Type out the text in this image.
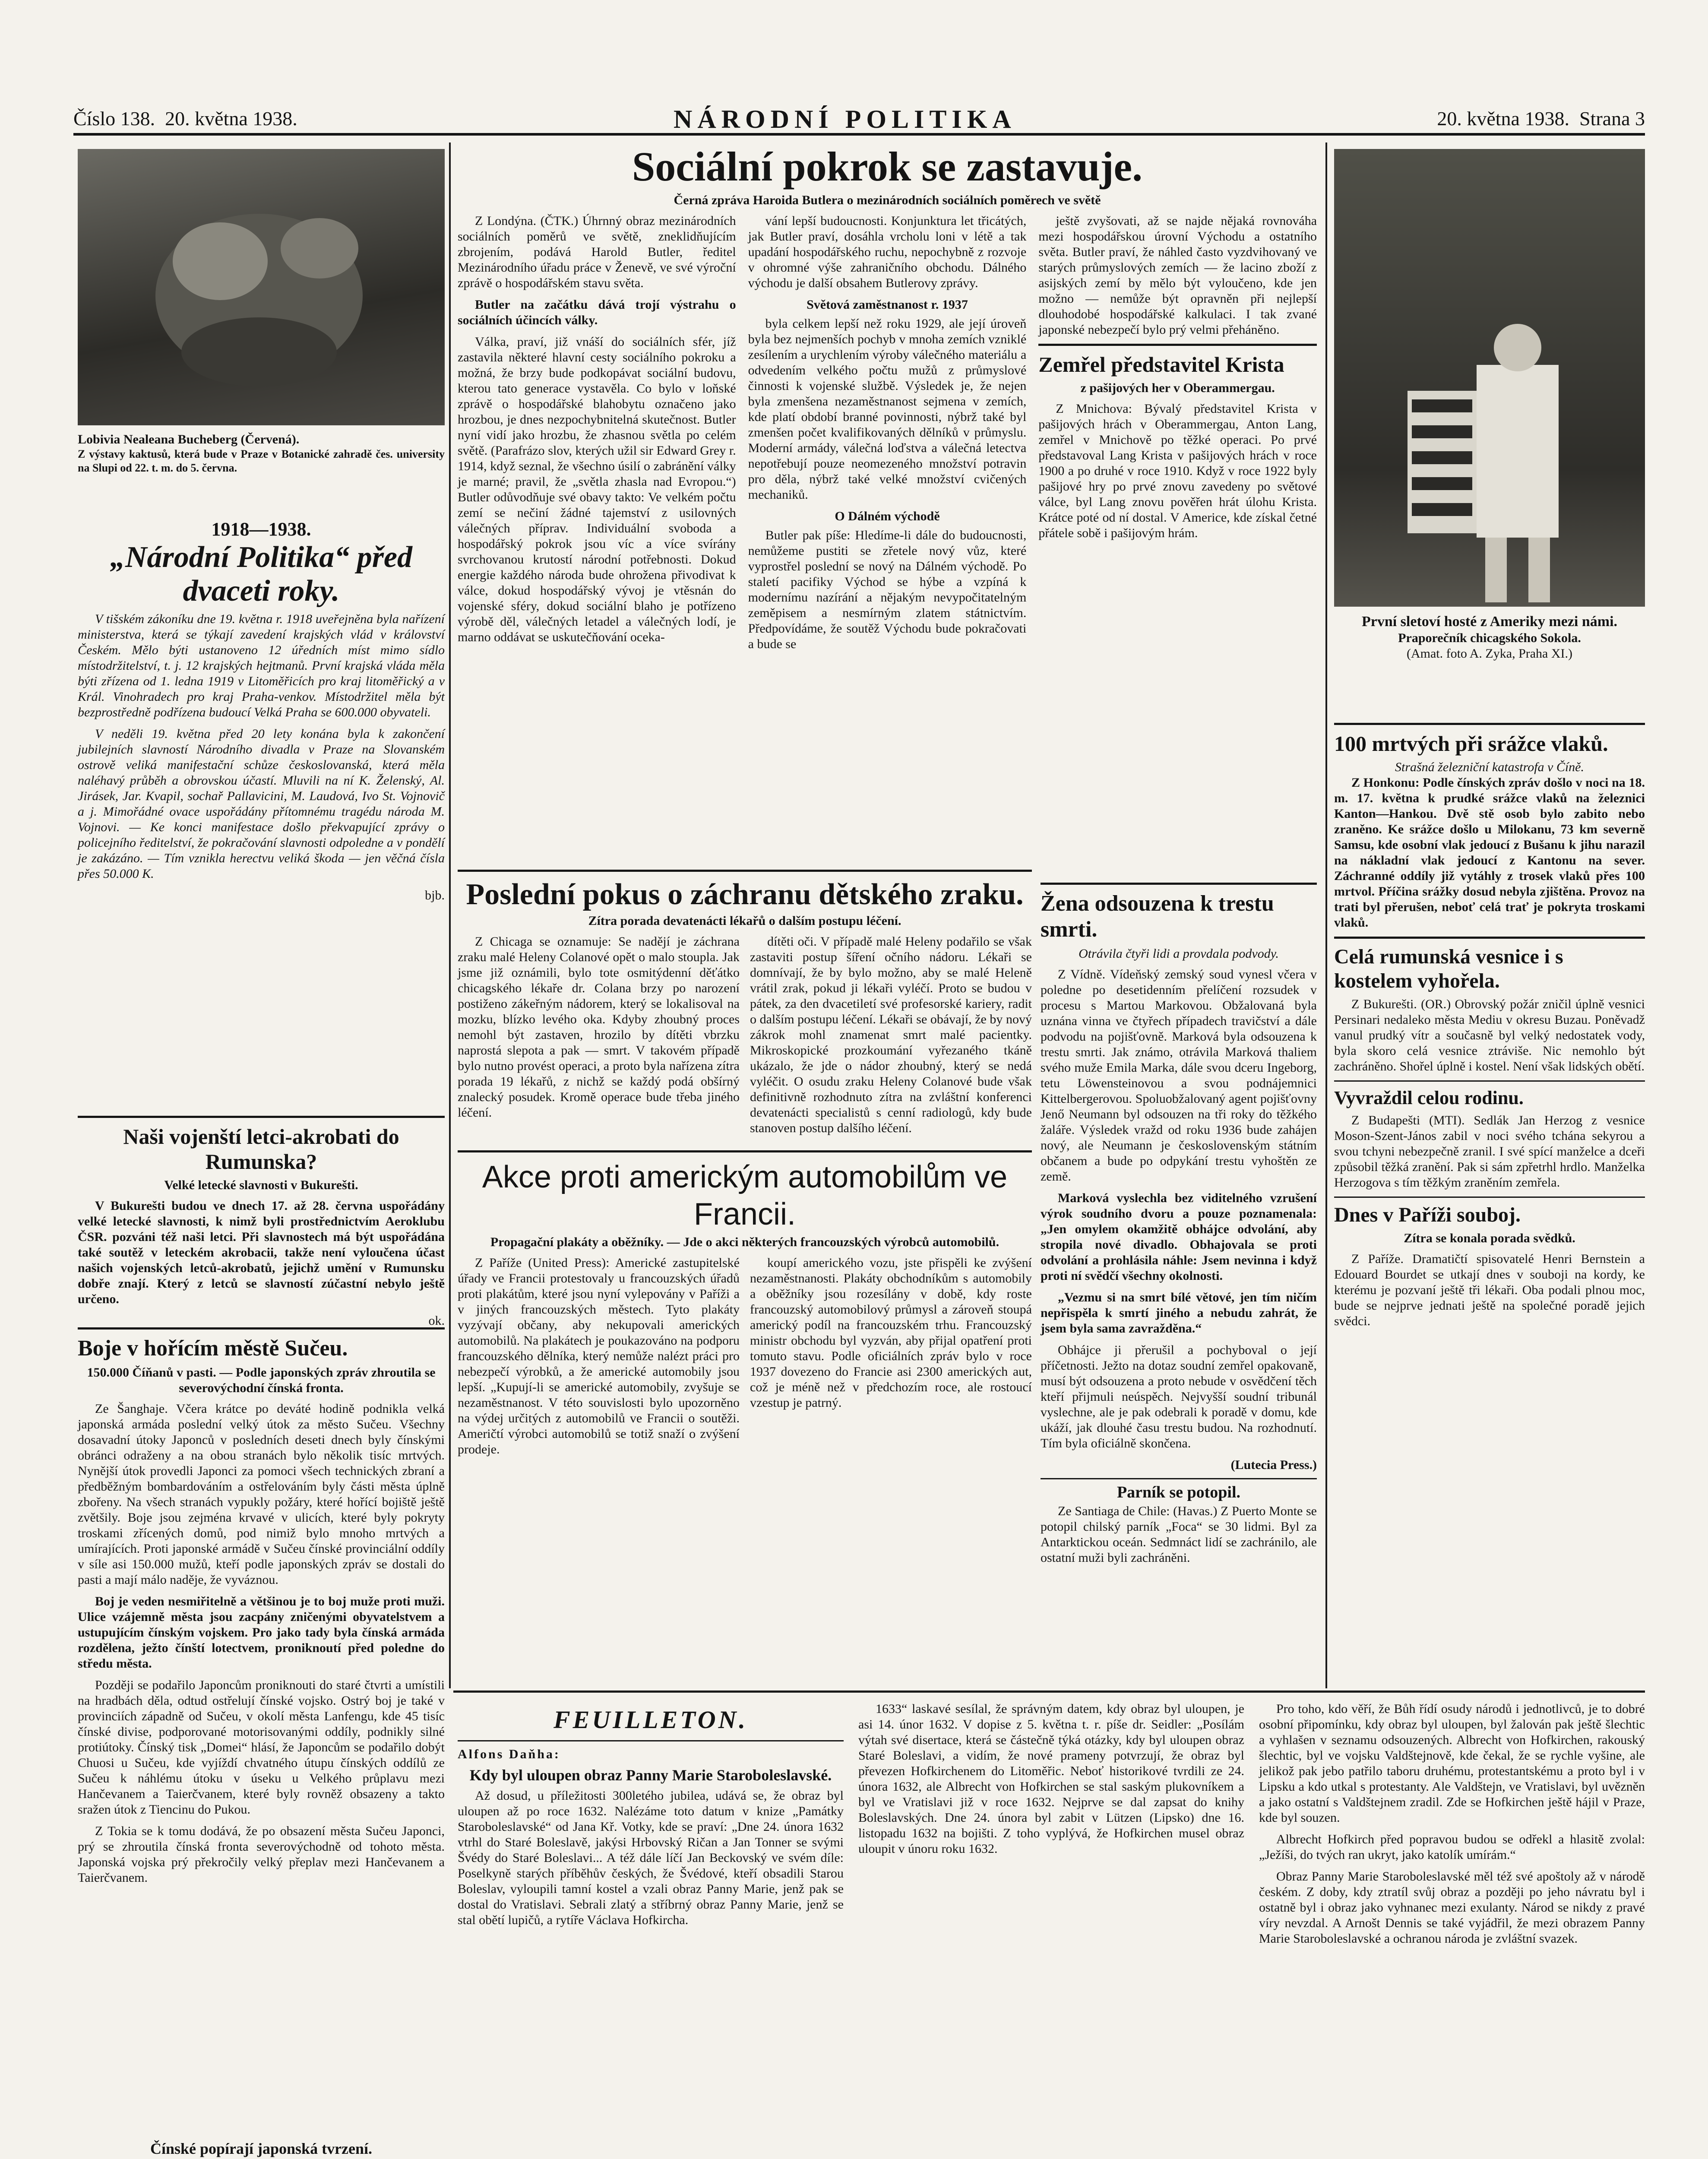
Číslo 138. 20. května 1938.	NÁRODNÍ POLITIKA	20. května 1938. Strana 3
Lobivia Nealeana Bucheberg (Červená).
Z výstavy kaktusů, která bude v Praze v Botanické zahradě čes. university na Slupi od 22. t. m. do 5. června.
1918—1938.
„Národní Politika“ před dvaceti roky.

V tišském zákoníku dne 19. května r. 1918 uveřejněna byla nařízení ministerstva, která se týkají zavedení krajských vlád v království Českém. Mělo býti ustanoveno 12 úředních míst mimo sídlo místodržitelství, t. j. 12 krajských hejtmanů. První krajská vláda měla býti zřízena od 1. ledna 1919 v Litoměřicích pro kraj litoměřický a v Král. Vinohradech pro kraj Praha-venkov. Místodržitel měla být bezprostředně podřízena budoucí Velká Praha se 600.000 obyvateli.

V neděli 19. května před 20 lety konána byla k zakončení jubilejních slavností Národního divadla v Praze na Slovanském ostrově veliká manifestační schůze českoslovanská, která měla naléhavý průběh a obrovskou účastí. Mluvili na ní K. Želenský, Al. Jirásek, Jar. Kvapil, sochař Pallavicini, M. Laudová, Ivo St. Vojnovič a j. Mimořádné ovace uspořádány přítomnému tragédu národa M. Vojnovi. — Ke konci manifestace došlo překvapující zprávy o policejního ředitelství, že pokračování slavnosti odpoledne a v pondělí je zakázáno. — Tím vznikla herectvu veliká škoda — jen věčná čísla přes 50.000 K.

bjb.
Naši vojenští letci-akrobati do Rumunska?
Velké letecké slavnosti v Bukurešti.

V Bukurešti budou ve dnech 17. až 28. června uspořádány velké letecké slavnosti, k nimž byli prostřednictvím Aeroklubu ČSR. pozváni též naši letci. Při slavnostech má být uspořádána také soutěž v leteckém akrobacii, takže není vyloučena účast našich vojenských letců-akrobatů, jejichž umění v Rumunsku dobře znají. Který z letců se slavností zúčastní nebylo ještě určeno.

ok.
Boje v hořícím městě Sučeu.
150.000 Číňanů v pasti. — Podle japonských zpráv zhroutila se severovýchodní čínská fronta.

Ze Šanghaje. Včera krátce po deváté hodině podnikla velká japonská armáda poslední velký útok za město Sučeu. Všechny dosavadní útoky Japonců v posledních deseti dnech byly čínskými obránci odraženy a na obou stranách bylo několik tisíc mrtvých. Nynější útok provedli Japonci za pomoci všech technických zbraní a předběžným bombardováním a ostřelováním byly části města úplně zbořeny. Na všech stranách vypukly požáry, které hořící bojiště ještě zvětšily. Boje jsou zejména krvavé v ulicích, které byly pokryty troskami zřícených domů, pod nimiž bylo mnoho mrtvých a umírajících. Proti japonské armádě v Sučeu čínské provinciální oddíly v síle asi 150.000 mužů, kteří podle japonských zpráv se dostali do pasti a mají málo naděje, že vyváznou.

Boj je veden nesmiřitelně a většinou je to boj muže proti muži. Ulice vzájemně města jsou zacpány zničenými obyvatelstvem a ustupujícím čínským vojskem. Pro jako tady byla čínská armáda rozdělena, ježto čínští lotectvem, proniknoutí před poledne do středu města.

Později se podařilo Japoncům proniknouti do staré čtvrti a umístili na hradbách děla, odtud ostřelují čínské vojsko. Ostrý boj je také v provinciích západně od Sučeu, v okolí města Lanfengu, kde 45 tisíc čínské divise, podporované motorisovanými oddíly, podnikly silné protiútoky. Čínský tisk „Domei“ hlásí, že Japoncům se podařilo dobýt Chuosi u Sučeu, kde vyjíždí chvatného útupu čínských oddílů ze Sučeu k náhlému útoku v úseku u Velkého průplavu mezi Hančevanem a Taierčvanem, které byly rovněž obsazeny a takto sražen útok z Tiencinu do Pukou.

Z Tokia se k tomu dodává, že po obsazení města Sučeu Japonci, prý se zhroutila čínská fronta severovýchodně od tohoto města. Japonská vojska prý překročily velký přeplav mezi Hančevanem a Taierčvanem.

Čínské popírají japonská tvrzení.

Sociální pokrok se zastavuje.
Černá zpráva Haroida Butlera o mezinárodních sociálních poměrech ve světě

Z Londýna. (ČTK.) Úhrnný obraz mezinárodních sociálních poměrů ve světě, zneklidňujícím zbrojením, podává Harold Butler, ředitel Mezinárodního úřadu práce v Ženevě, ve své výroční zprávě o hospodářském stavu světa.

Butler na začátku dává trojí výstrahu o sociálních účincích války.

Válka, praví, již vnáší do sociálních sfér, jíž zastavila některé hlavní cesty sociálního pokroku a možná, že brzy bude podkopávat sociální budovu, kterou tato generace vystavěla. Co bylo v loňské zprávě o hospodářské blahobytu označeno jako hrozbou, je dnes nezpochybnitelná skutečnost. Butler nyní vidí jako hrozbu, že zhasnou světla po celém světě. (Parafrázo slov, kterých užil sir Edward Grey r. 1914, když seznal, že všechno úsilí o zabránění války je marné; pravil, že „světla zhasla nad Evropou.“) Butler odůvodňuje své obavy takto: Ve velkém počtu zemí se nečiní žádné tajemství z usilovných válečných příprav. Individuální svoboda a hospodářský pokrok jsou víc a více svírány svrchovanou krutostí národní potřebnosti. Dokud energie každého národa bude ohrožena přivodivat k válce, dokud hospodářský vývoj je vtěsnán do vojenské sféry, dokud sociální blaho je potřízeno výrobě děl, válečných letadel a válečných lodí, je marno oddávat se uskutečňování oceka-

vání lepší budoucnosti. Konjunktura let třicátých, jak Butler praví, dosáhla vrcholu loni v létě a tak upadání hospodářského ruchu, nepochybně z rozvoje v ohromné výše zahraničního obchodu. Dálného východu je další obsahem Butlerovy zprávy.

Světová zaměstnanost r. 1937

byla celkem lepší než roku 1929, ale její úroveň byla bez nejmenších pochyb v mnoha zemích vzniklé zesílením a urychlením výroby válečného materiálu a odvedením velkého počtu mužů z průmyslové činnosti k vojenské službě. Výsledek je, že nejen byla zmenšena nezaměstnanost sejmena v zemích, kde platí období branné povinnosti, nýbrž také byl zmenšen počet kvalifikovaných dělníků v průmyslu. Moderní armády, válečná loďstva a válečná letectva nepotřebují pouze neomezeného množství potravin pro děla, nýbrž také velké množství cvičených mechaniků.

O Dálném východě

Butler pak píše: Hledíme-li dále do budoucnosti, nemůžeme pustiti se zřetele nový vůz, které vyprostřel poslední se nový na Dálném východě. Po staletí pacifiky Východ se hýbe a vzpíná k modernímu nazírání a nějakým nevypočitatelným zeměpisem a nesmírným zlatem státnictvím. Předpovídáme, že soutěž Východu bude pokračovati a bude se

ještě zvyšovati, až se najde nějaká rovnováha mezi hospodářskou úrovní Východu a ostatního světa. Butler praví, že náhled často vyzdvihovaný ve starých průmyslových zemích — že lacino zboží z asijských zemí by mělo být vyloučeno, kde jen možno — nemůže být opravněn při nejlepší dlouhodobé hospodářské kalkulaci. I tak zvané japonské nebezpečí bylo prý velmi přeháněno.

Zemřel představitel Krista
z pašijových her v Oberammergau.

Z Mnichova: Bývalý představitel Krista v pašijových hrách v Oberammergau, Anton Lang, zemřel v Mnichově po těžké operaci. Po prvé představoval Lang Krista v pašijových hrách v roce 1900 a po druhé v roce 1910. Když v roce 1922 byly pašijové hry po prvé znovu zavedeny po světové válce, byl Lang znovu pověřen hrát úlohu Krista. Krátce poté od ní dostal. V Americe, kde získal četné přátele sobě i pašijovým hrám.

Poslední pokus o záchranu dětského zraku.
Zítra porada devatenácti lékařů o dalším postupu léčení.

Z Chicaga se oznamuje: Se nadějí je záchrana zraku malé Heleny Colanové opět o malo stoupla. Jak jsme již oznámili, bylo tote osmitýdenní děťátko chicagského lékaře dr. Colana brzy po narození postiženo zákeřným nádorem, který se lokalisoval na mozku, blízko levého oka. Kdyby zhoubný proces nemohl být zastaven, hrozilo by dítěti vbrzku naprostá slepota a pak — smrt. V takovém případě bylo nutno provést operaci, a proto byla nařízena zítra porada 19 lékařů, z nichž se každý podá obšírný znalecký posudek. Kromě operace bude třeba jiného léčení.

dítěti oči. V případě malé Heleny podařilo se však zastaviti postup šíření očního nádoru. Lékaři se domnívají, že by bylo možno, aby se malé Heleně vrátil zrak, pokud ji lékaři vyléčí. Proto se budou v pátek, za den dvacetiletí své profesorské kariery, radit o dalším postupu léčení. Lékaři se obávají, že by nový zákrok mohl znamenat smrt malé pacientky. Mikroskopické prozkoumání vyřezaného tkáně ukázalo, že jde o nádor zhoubný, který se nedá vyléčit. O osudu zraku Heleny Colanové bude však definitivně rozhodnuto zítra na zvláštní konferenci devatenácti specialistů s cenní radiologů, kdy bude stanoven postup dalšího léčení.

Akce proti americkým automobilům ve Francii.
Propagační plakáty a oběžníky. — Jde o akci některých francouzských výrobců automobilů.

Z Paříže (United Press): Americké zastupitelské úřady ve Francii protestovaly u francouzských úřadů proti plakátům, které jsou nyní vylepovány v Paříži a v jiných francouzských městech. Tyto plakáty vyzývají občany, aby nekupovali amerických automobilů. Na plakátech je poukazováno na podporu francouzského dělníka, který nemůže nalézt práci pro nebezpečí výrobků, a že americké automobily jsou lepší. „Kupují-li se americké automobily, zvyšuje se nezaměstnanost. V této souvislosti bylo upozorněno na výdej určitých z automobilů ve Francii o soutěži. Američtí výrobci automobilů se totiž snaží o zvýšení prodeje.

koupí amerického vozu, jste přispěli ke zvýšení nezaměstnanosti. Plakáty obchodníkům s automobily a oběžníky jsou rozesílány v době, kdy roste francouzský automobilový průmysl a zároveň stoupá americký podíl na francouzském trhu. Francouzský ministr obchodu byl vyzván, aby přijal opatření proti tomuto stavu. Podle oficiálních zpráv bylo v roce 1937 dovezeno do Francie asi 2300 amerických aut, což je méně než v předchozím roce, ale rostoucí vzestup je patrný.

Žena odsouzena k trestu smrti.
Otrávila čtyři lidi a provdala podvody.

Z Vídně. Vídeňský zemský soud vynesl včera v poledne po desetidenním přelíčení rozsudek v procesu s Martou Markovou. Obžalovaná byla uznána vinna ve čtyřech případech travičství a dále podvodu na pojišťovně. Marková byla odsouzena k trestu smrti. Jak známo, otrávila Marková thaliem svého muže Emila Marka, dále svou dceru Ingeborg, tetu Löwensteinovou a svou podnájemnici Kittelbergerovou. Spoluobžalovaný agent pojišťovny Jenő Neumann byl odsouzen na tři roky do těžkého žaláře. Výsledek vražd od roku 1936 bude zahájen nový, ale Neumann je československým státním občanem a bude po odpykání trestu vyhoštěn ze země.

Marková vyslechla bez viditelného vzrušení výrok soudního dvoru a pouze poznamenala: „Jen omylem okamžitě obhájce odvolání, aby stropila nové divadlo. Obhajovala se proti odvolání a prohlásila náhle: Jsem nevinna i když proti ní svědčí všechny okolnosti.

„Vezmu si na smrt bílé větové, jen tím ničím nepřispěla k smrtí jiného a nebudu zahrát, že jsem byla sama zavražděna.“

Obhájce ji přerušil a pochyboval o její příčetnosti. Ježto na dotaz soudní zemřel opakovaně, musí být odsouzena a proto nebude v osvědčení těch kteří přijmuli neúspěch. Nejvyšší soudní tribunál vyslechne, ale je pak odebrali k poradě v domu, kde ukáží, jak dlouhé času trestu budou. Na rozhodnutí. Tím byla oficiálně skončena.

(Lutecia Press.)
Parník se potopil.

Ze Santiaga de Chile: (Havas.) Z Puerto Monte se potopil chilský parník „Foca“ se 30 lidmi. Byl za Antarktickou oceán. Sedmnáct lidí se zachránilo, ale ostatní muži byli zachráněni.

První sletoví hosté z Ameriky mezi námi.
Praporečník chicagského Sokola.
(Amat. foto A. Zyka, Praha XI.)
100 mrtvých při srážce vlaků.
Strašná železniční katastrofa v Číně.

Z Honkonu: Podle čínských zpráv došlo v noci na 18. m. 17. května k prudké srážce vlaků na železnici Kanton—Hankou. Dvě stě osob bylo zabito nebo zraněno. Ke srážce došlo u Milokanu, 73 km severně Samsu, kde osobní vlak jedoucí z Bušanu k jihu narazil na nákladní vlak jedoucí z Kantonu na sever. Záchranné oddíly již vytáhly z trosek vlaků přes 100 mrtvol. Příčina srážky dosud nebyla zjištěna. Provoz na trati byl přerušen, neboť celá trať je pokryta troskami vlaků.

Celá rumunská vesnice i s kostelem vyhořela.

Z Bukurešti. (OR.) Obrovský požár zničil úplně vesnici Persinari nedaleko města Mediu v okresu Buzau. Poněvadž vanul prudký vítr a současně byl velký nedostatek vody, byla skoro celá vesnice ztráviše. Nic nemohlo být zachráněno. Shořel úplně i kostel. Není však lidských obětí.

Vyvraždil celou rodinu.

Z Budapešti (MTI). Sedlák Jan Herzog z vesnice Moson-Szent-János zabil v noci svého tchána sekyrou a svou tchyni nebezpečně zranil. I své spící manželce a dceři způsobil těžká zranění. Pak si sám zpřetrhl hrdlo. Manželka Herzogova s tím těžkým zraněním zemřela.

Dnes v Paříži souboj.
Zítra se konala porada svědků.

Z Paříže. Dramatičtí spisovatelé Henri Bernstein a Edouard Bourdet se utkají dnes v souboji na kordy, ke kterému je pozvaní ještě tři lékaři. Oba podali plnou moc, bude se nejprve jednati ještě na společné poradě jejich svědci.

FEUILLETON.
Alfons Daňha:
Kdy byl uloupen obraz Panny Marie Staroboleslavské.

Až dosud, u příležitosti 300letého jubilea, udává se, že obraz byl uloupen až po roce 1632. Nalézáme toto datum v knize „Památky Staroboleslavské“ od Jana Kř. Votky, kde se praví: „Dne 24. února 1632 vtrhl do Staré Boleslavě, jakýsi Hrbovský Ričan a Jan Tonner se svými Švédy do Staré Boleslavi... A též dále líčí Jan Beckovský ve svém díle: Poselkyně starých příběhův českých, že Švédové, kteří obsadili Starou Boleslav, vyloupili tamní kostel a vzali obraz Panny Marie, jenž pak se dostal do Vratislavi. Sebrali zlatý a stříbrný obraz Panny Marie, jenž se stal obětí lupičů, a rytíře Václava Hofkircha.

1633“ laskavé sesílal, že správným datem, kdy obraz byl uloupen, je asi 14. únor 1632. V dopise z 5. května t. r. píše dr. Seidler: „Posílám výtah své disertace, která se částečně týká otázky, kdy byl uloupen obraz Staré Boleslavi, a vidím, že nové prameny potvrzují, že obraz byl převezen Hofkirchenem do Litoměřic. Neboť historikové tvrdili ze 24. února 1632, ale Albrecht von Hofkirchen se stal saským plukovníkem a byl ve Vratislavi již v roce 1632. Nejprve se dal zapsat do knihy Boleslavských. Dne 24. února byl zabit v Lützen (Lipsko) dne 16. listopadu 1632 na bojišti. Z toho vyplývá, že Hofkirchen musel obraz uloupit v únoru roku 1632.

Pro toho, kdo věří, že Bůh řídí osudy národů i jednotlivců, je to dobré osobní připomínku, kdy obraz byl uloupen, byl žalován pak ještě šlechtic a vyhlašen v seznamu odsouzených. Albrecht von Hofkirchen, rakouský šlechtic, byl ve vojsku Valdštejnově, kde čekal, že se rychle vyšine, ale jelikož pak jebo patřilo taboru druhému, protestantskému a proto byl i v Lipsku a kdo utkal s protestanty. Ale Valdštejn, ve Vratislavi, byl uvězněn a jako ostatní s Valdštejnem zradil. Zde se Hofkirchen ještě hájil v Praze, kde byl souzen.

Albrecht Hofkirch před popravou budou se odřekl a hlasitě zvolal: „Ježíši, do tvých ran ukryt, jako katolík umírám.“

Obraz Panny Marie Staroboleslavské měl též své apoštoly až v národě českém. Z doby, kdy ztratíl svůj obraz a později po jeho návratu byl i ostatně byl i obraz jako vyhnanec mezi exulanty. Národ se nikdy z pravé víry nevzdal. A Arnošt Dennis se také vyjádřil, že mezi obrazem Panny Marie Staroboleslavské a ochranou národa je zvláštní svazek.
